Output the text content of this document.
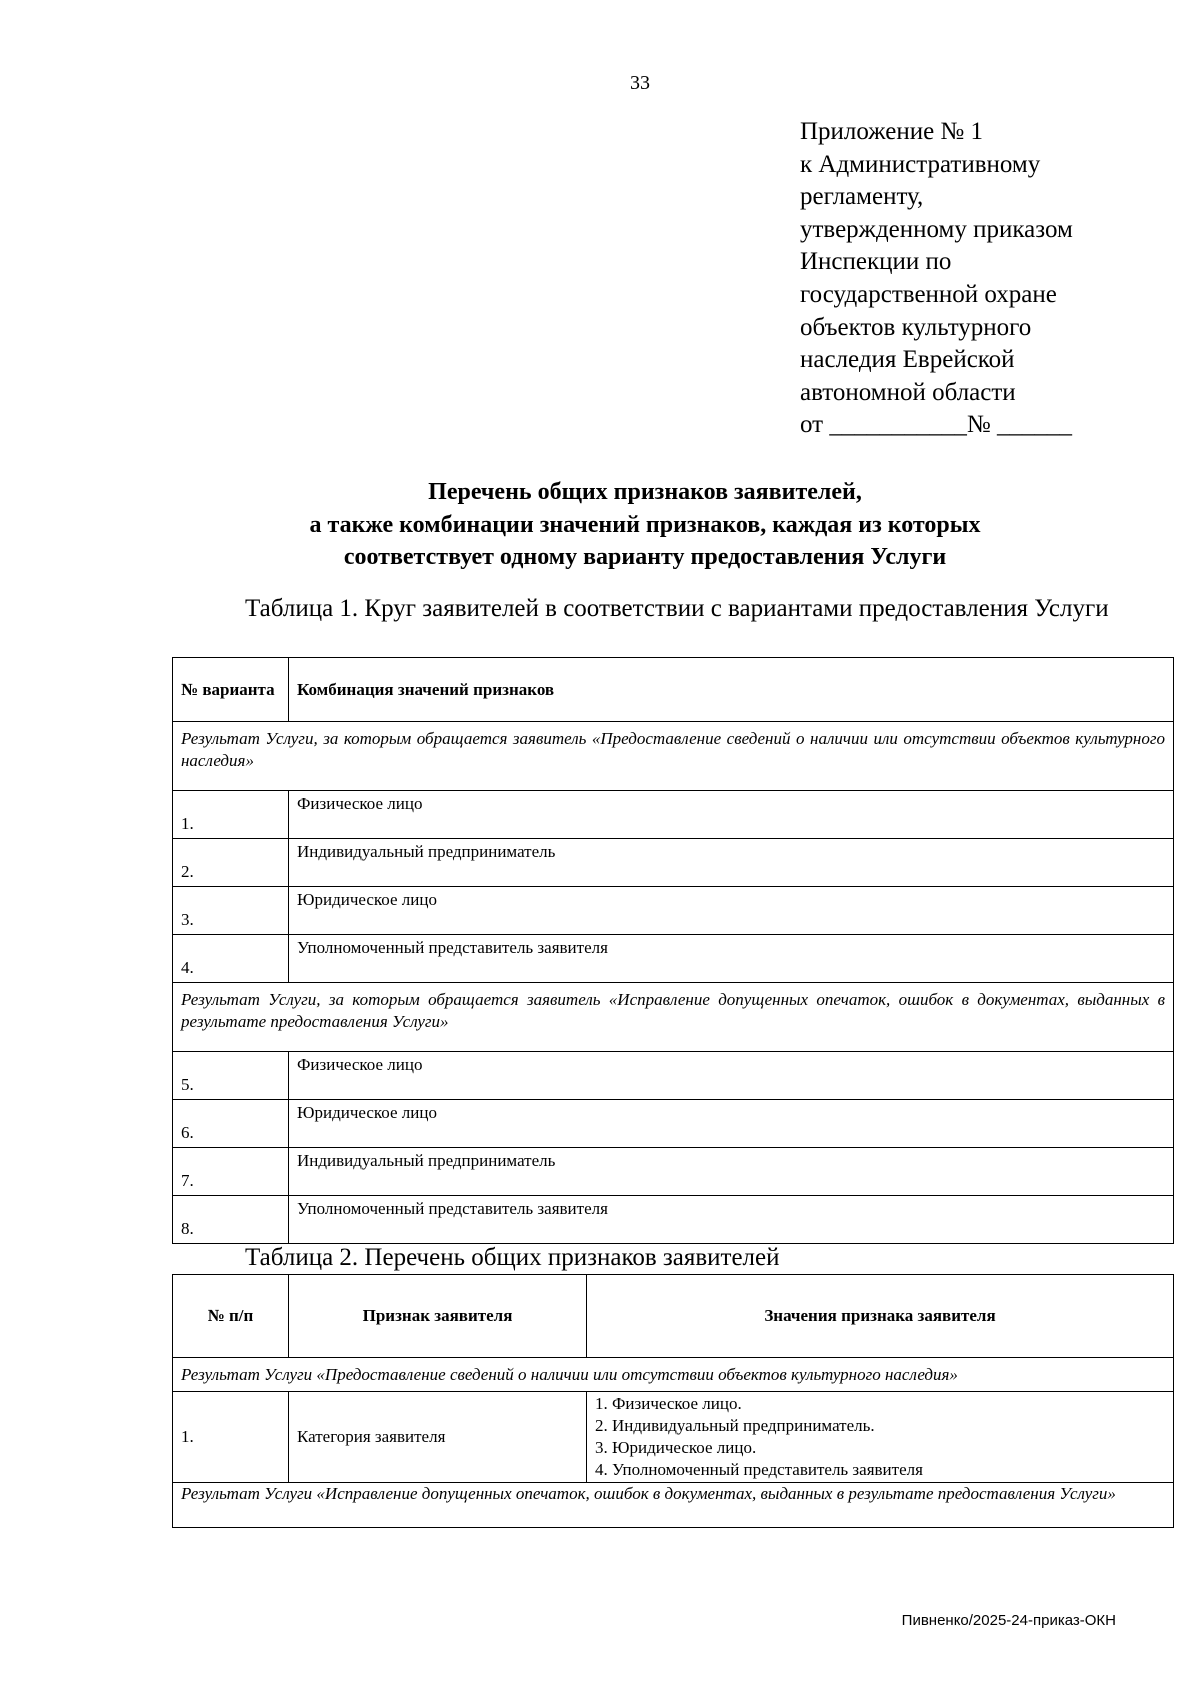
33
Приложение № 1
к Административному
регламенту,
утвержденному приказом
Инспекции по
государственной охране
объектов культурного
наследия Еврейской
автономной области
от ___________№ ______
Перечень общих признаков заявителей,
а также комбинации значений признаков, каждая из которых
соответствует одному варианту предоставления Услуги
Таблица 1. Круг заявителей в соответствии с вариантами предоставления Услуги
№ варианта	Комбинация значений признаков
Результат Услуги, за которым обращается заявитель «Предоставление сведений о наличии или отсутствии объектов культурного наследия»	
1.	Физическое лицо
2.	Индивидуальный предприниматель
3.	Юридическое лицо
4.	Уполномоченный представитель заявителя
Результат Услуги, за которым обращается заявитель «Исправление допущенных опечаток, ошибок в документах, выданных в результате предоставления Услуги»	
5.	Физическое лицо
6.	Юридическое лицо
7.	Индивидуальный предприниматель
8.	Уполномоченный представитель заявителя
Таблица 2. Перечень общих признаков заявителей
№ п/п	Признак заявителя	Значения признака заявителя
Результат Услуги «Предоставление сведений о наличии или отсутствии объектов культурного наследия»		
1.	Категория заявителя	1. Физическое лицо.
2. Индивидуальный предприниматель.
3. Юридическое лицо.
4. Уполномоченный представитель заявителя

Результат Услуги «Исправление допущенных опечаток, ошибок в документах, выданных в результате предоставления Услуги»		
Пивненко/2025-24-приказ-ОКН
